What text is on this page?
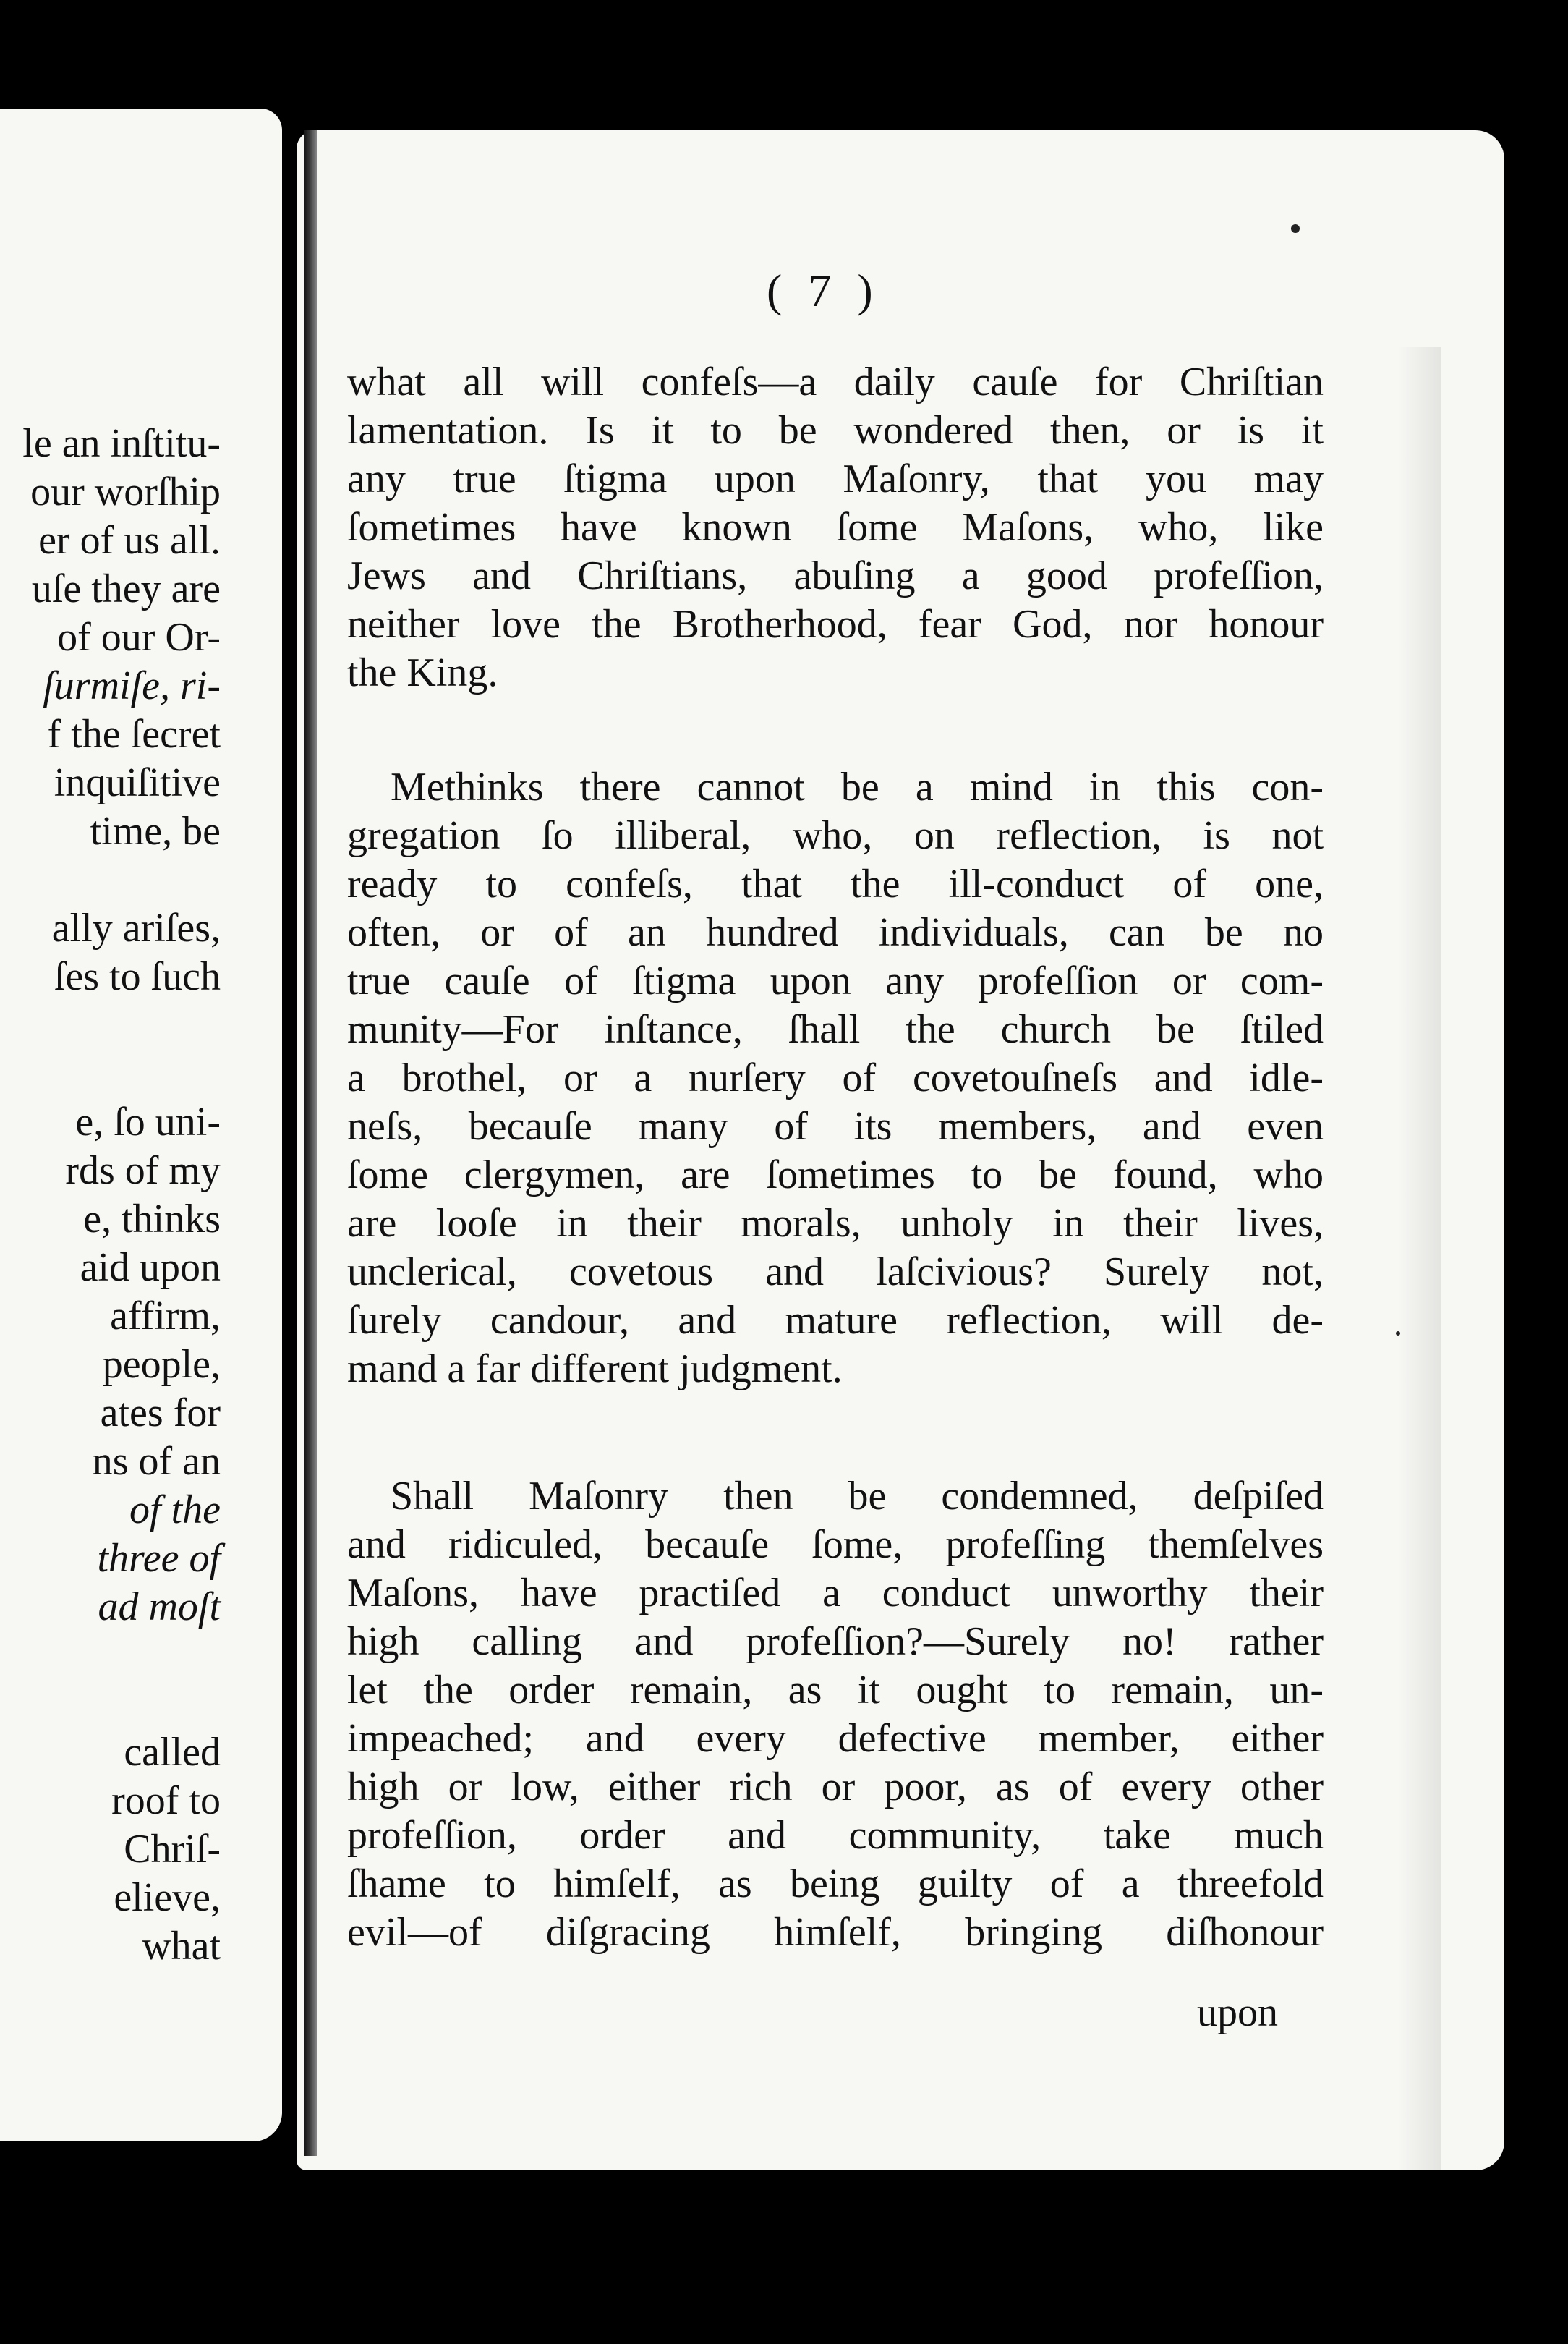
le an inſtitu-
our worſhip
er of us all.
uſe they are
of our Or-
ſurmiſe, ri-
f the ſecret
inquiſitive
time, be
ally ariſes,
ſes to ſuch
e, ſo uni-
rds of my
e, thinks
aid upon
affirm,
people,
ates for
ns of an
of the
three of
ad moſt
called
roof to
Chriſ-
elieve,
what
( 7 )
what all will confeſs—a daily cauſe for Chriſtian
lamentation. Is it to be wondered then, or is it
any true ſtigma upon Maſonry, that you may
ſometimes have known ſome Maſons, who, like
Jews and Chriſtians, abuſing a good profeſſion,
neither love the Brotherhood, fear God, nor honour
the King.
Methinks there cannot be a mind in this con-
gregation ſo illiberal, who, on reflection, is not
ready to confeſs, that the ill-conduct of one,
often, or of an hundred individuals, can be no
true cauſe of ſtigma upon any profeſſion or com-
munity—For inſtance, ſhall the church be ſtiled
a brothel, or a nurſery of covetouſneſs and idle-
neſs, becauſe many of its members, and even
ſome clergymen, are ſometimes to be found, who
are looſe in their morals, unholy in their lives,
unclerical, covetous and laſcivious? Surely not,
ſurely candour, and mature reflection, will de-
mand a far different judgment.
Shall Maſonry then be condemned, deſpiſed
and ridiculed, becauſe ſome, profeſſing themſelves
Maſons, have practiſed a conduct unworthy their
high calling and profeſſion?—Surely no! rather
let the order remain, as it ought to remain, un-
impeached; and every defective member, either
high or low, either rich or poor, as of every other
profeſſion, order and community, take much
ſhame to himſelf, as being guilty of a threefold
evil—of diſgracing himſelf, bringing diſhonour
upon
